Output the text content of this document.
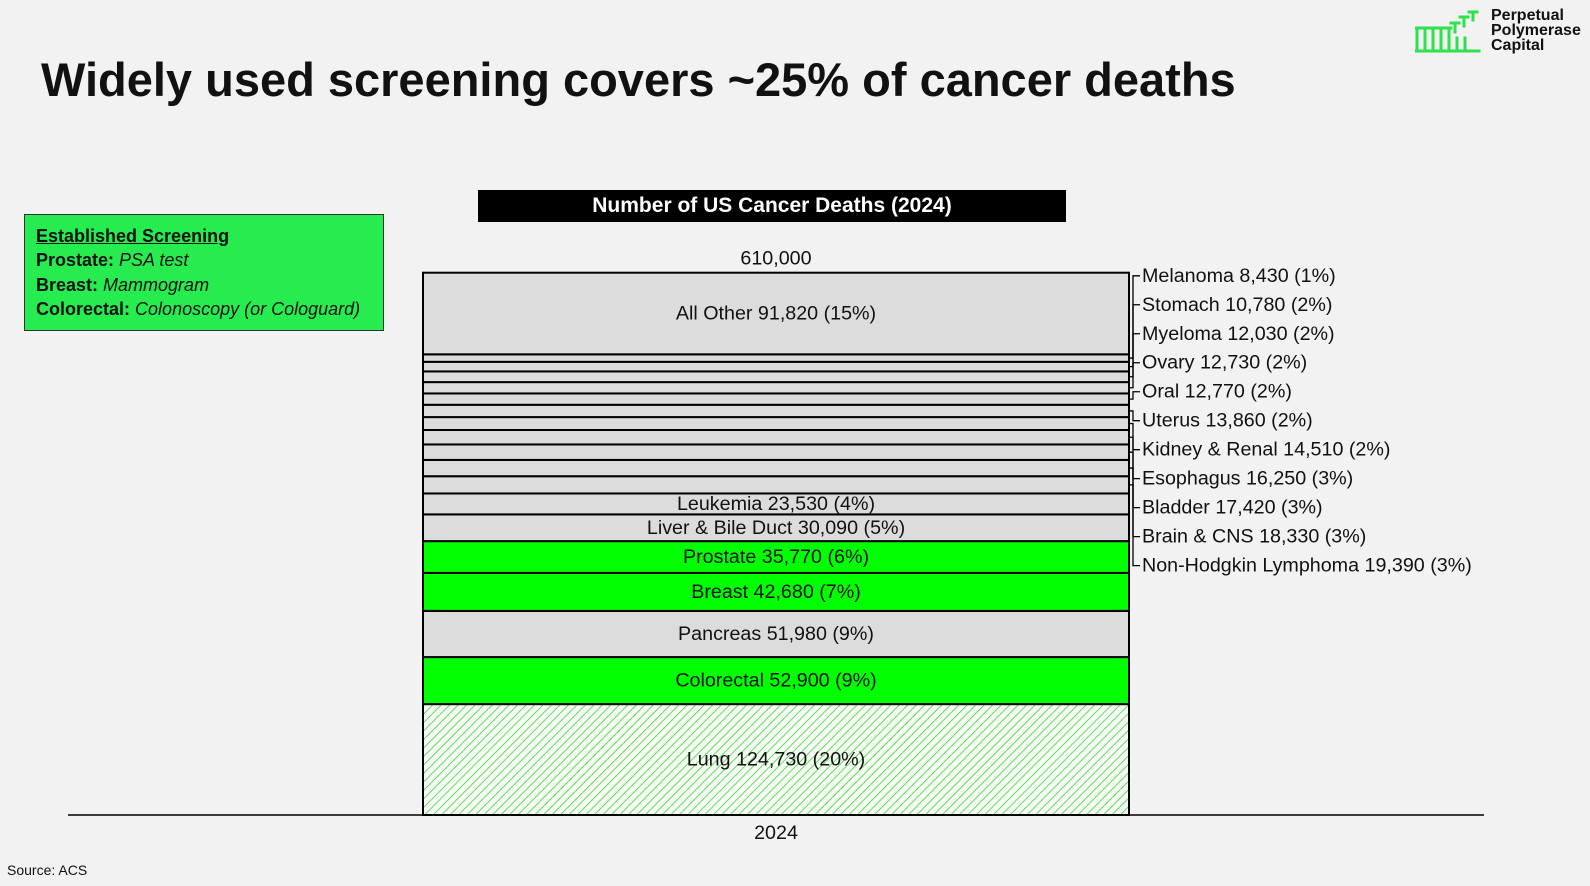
Widely used screening covers ~25% of cancer deaths
Perpetual
Polymerase
Capital
Established Screening
Prostate: PSA test
Breast: Mammogram
Colorectal: Colonoscopy (or Cologuard)
Number of US Cancer Deaths (2024)
Lung 124,730 (20%)
Colorectal 52,900 (9%)
Pancreas 51,980 (9%)
Breast 42,680 (7%)
Prostate 35,770 (6%)
Liver & Bile Duct 30,090 (5%)
Leukemia 23,530 (4%)
All Other 91,820 (15%)
Melanoma 8,430 (1%)
Stomach 10,780 (2%)
Myeloma 12,030 (2%)
Ovary 12,730 (2%)
Oral 12,770 (2%)
Uterus 13,860 (2%)
Kidney & Renal 14,510 (2%)
Esophagus 16,250 (3%)
Bladder 17,420 (3%)
Brain & CNS 18,330 (3%)
Non-Hodgkin Lymphoma 19,390 (3%)
610,000
2024
Source: ACS
